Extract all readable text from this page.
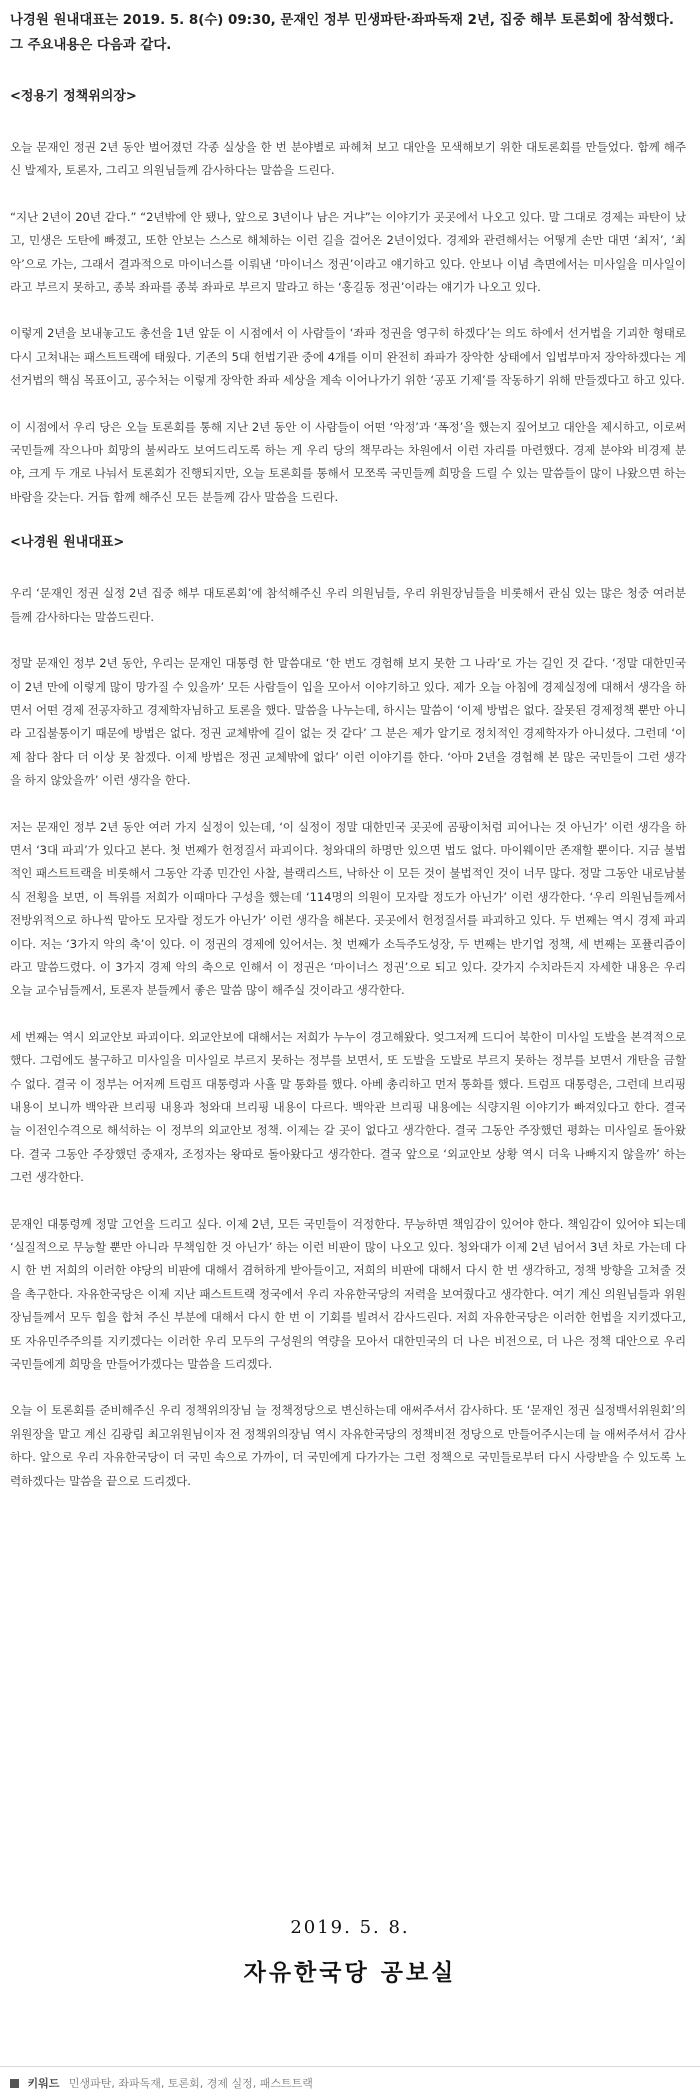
나경원 원내대표는 2019. 5. 8(수) 09:30, 문재인 정부 민생파탄·좌파독재 2년, 집중 해부 토론회에 참석했다. 그 주요내용은 다음과 같다.

<정용기 정책위의장>

오늘 문재인 정권 2년 동안 벌어졌던 각종 실상을 한 번 분야별로 파헤쳐 보고 대안을 모색해보기 위한 대토론회를 만들었다. 함께 해주신 발제자, 토론자, 그리고 의원님들께 감사하다는 말씀을 드린다.

“지난 2년이 20년 같다.” “2년밖에 안 됐나, 앞으로 3년이나 남은 거냐”는 이야기가 곳곳에서 나오고 있다. 말 그대로 경제는 파탄이 났고, 민생은 도탄에 빠졌고, 또한 안보는 스스로 해체하는 이런 길을 걸어온 2년이었다. 경제와 관련해서는 어떻게 손만 대면 ‘최저’, ‘최악’으로 가는, 그래서 결과적으로 마이너스를 이뤄낸 ‘마이너스 정권’이라고 얘기하고 있다. 안보나 이념 측면에서는 미사일을 미사일이라고 부르지 못하고, 종북 좌파를 종북 좌파로 부르지 말라고 하는 ‘홍길동 정권’이라는 얘기가 나오고 있다.

이렇게 2년을 보내놓고도 총선을 1년 앞둔 이 시점에서 이 사람들이 ‘좌파 정권을 영구히 하겠다’는 의도 하에서 선거법을 기괴한 형태로 다시 고쳐내는 패스트트랙에 태웠다. 기존의 5대 헌법기관 중에 4개를 이미 완전히 좌파가 장악한 상태에서 입법부마저 장악하겠다는 게 선거법의 핵심 목표이고, 공수처는 이렇게 장악한 좌파 세상을 계속 이어나가기 위한 ‘공포 기제’를 작동하기 위해 만들겠다고 하고 있다.

이 시점에서 우리 당은 오늘 토론회를 통해 지난 2년 동안 이 사람들이 어떤 ‘악정’과 ‘폭정’을 했는지 짚어보고 대안을 제시하고, 이로써 국민들께 작으나마 희망의 불씨라도 보여드리도록 하는 게 우리 당의 책무라는 차원에서 이런 자리를 마련했다. 경제 분야와 비경제 분야, 크게 두 개로 나눠서 토론회가 진행되지만, 오늘 토론회를 통해서 모쪼록 국민들께 희망을 드릴 수 있는 말씀들이 많이 나왔으면 하는 바람을 갖는다. 거듭 함께 해주신 모든 분들께 감사 말씀을 드린다.

<나경원 원내대표>

우리 ‘문재인 정권 실정 2년 집중 해부 대토론회’에 참석해주신 우리 의원님들, 우리 위원장님들을 비롯해서 관심 있는 많은 청중 여러분들께 감사하다는 말씀드린다.

정말 문재인 정부 2년 동안, 우리는 문재인 대통령 한 말씀대로 ‘한 번도 경험해 보지 못한 그 나라’로 가는 길인 것 같다. ‘정말 대한민국이 2년 만에 이렇게 많이 망가질 수 있을까’ 모든 사람들이 입을 모아서 이야기하고 있다. 제가 오늘 아침에 경제실정에 대해서 생각을 하면서 어떤 경제 전공자하고 경제학자님하고 토론을 했다. 말씀을 나누는데, 하시는 말씀이 ‘이제 방법은 없다. 잘못된 경제정책 뿐만 아니라 고집불통이기 때문에 방법은 없다. 정권 교체밖에 길이 없는 것 같다’ 그 분은 제가 알기로 정치적인 경제학자가 아니셨다. 그런데 ‘이제 참다 참다 더 이상 못 참겠다. 이제 방법은 정권 교체밖에 없다’ 이런 이야기를 한다. ‘아마 2년을 경험해 본 많은 국민들이 그런 생각을 하지 않았을까’ 이런 생각을 한다.

저는 문재인 정부 2년 동안 여러 가지 실정이 있는데, ‘이 실정이 정말 대한민국 곳곳에 곰팡이처럼 피어나는 것 아닌가’ 이런 생각을 하면서 ‘3대 파괴’가 있다고 본다. 첫 번째가 헌정질서 파괴이다. 청와대의 하명만 있으면 법도 없다. 마이웨이만 존재할 뿐이다. 지금 불법적인 패스트트랙을 비롯해서 그동안 각종 민간인 사찰, 블랙리스트, 낙하산 이 모든 것이 불법적인 것이 너무 많다. 정말 그동안 내로남불식 전횡을 보면, 이 특위를 저희가 이때마다 구성을 했는데 ‘114명의 의원이 모자랄 정도가 아닌가’ 이런 생각한다. ‘우리 의원님들께서 전방위적으로 하나씩 맡아도 모자랄 정도가 아닌가’ 이런 생각을 해본다. 곳곳에서 헌정질서를 파괴하고 있다. 두 번째는 역시 경제 파괴이다. 저는 ‘3가지 악의 축’이 있다. 이 정권의 경제에 있어서는. 첫 번째가 소득주도성장, 두 번째는 반기업 정책, 세 번째는 포퓰리즘이라고 말씀드렸다. 이 3가지 경제 악의 축으로 인해서 이 정권은 ‘마이너스 정권’으로 되고 있다. 갖가지 수치라든지 자세한 내용은 우리 오늘 교수님들께서, 토론자 분들께서 좋은 말씀 많이 해주실 것이라고 생각한다.

세 번째는 역시 외교안보 파괴이다. 외교안보에 대해서는 저희가 누누이 경고해왔다. 엊그저께 드디어 북한이 미사일 도발을 본격적으로 했다. 그럼에도 불구하고 미사일을 미사일로 부르지 못하는 정부를 보면서, 또 도발을 도발로 부르지 못하는 정부를 보면서 개탄을 금할 수 없다. 결국 이 정부는 어저께 트럼프 대통령과 사흘 말 통화를 했다. 아베 총리하고 먼저 통화를 했다. 트럼프 대통령은, 그런데 브리핑 내용이 보니까 백악관 브리핑 내용과 청와대 브리핑 내용이 다르다. 백악관 브리핑 내용에는 식량지원 이야기가 빠져있다고 한다. 결국 늘 이전인수격으로 해석하는 이 정부의 외교안보 정책. 이제는 갈 곳이 없다고 생각한다. 결국 그동안 주장했던 평화는 미사일로 돌아왔다. 결국 그동안 주장했던 중재자, 조정자는 왕따로 돌아왔다고 생각한다. 결국 앞으로 ‘외교안보 상황 역시 더욱 나빠지지 않을까’ 하는 그런 생각한다.

문재인 대통령께 정말 고언을 드리고 싶다. 이제 2년, 모든 국민들이 걱정한다. 무능하면 책임감이 있어야 한다. 책임감이 있어야 되는데 ‘실질적으로 무능할 뿐만 아니라 무책임한 것 아닌가’ 하는 이런 비판이 많이 나오고 있다. 청와대가 이제 2년 넘어서 3년 차로 가는데 다시 한 번 저희의 이러한 야당의 비판에 대해서 겸허하게 받아들이고, 저희의 비판에 대해서 다시 한 번 생각하고, 정책 방향을 고쳐줄 것을 촉구한다. 자유한국당은 이제 지난 패스트트랙 정국에서 우리 자유한국당의 저력을 보여줬다고 생각한다. 여기 계신 의원님들과 위원장님들께서 모두 힘을 합쳐 주신 부분에 대해서 다시 한 번 이 기회를 빌려서 감사드린다. 저희 자유한국당은 이러한 헌법을 지키겠다고, 또 자유민주주의를 지키겠다는 이러한 우리 모두의 구성원의 역량을 모아서 대한민국의 더 나은 비전으로, 더 나은 정책 대안으로 우리 국민들에게 희망을 만들어가겠다는 말씀을 드리겠다.

오늘 이 토론회를 준비해주신 우리 정책위의장님 늘 정책정당으로 변신하는데 애써주셔서 감사하다. 또 ‘문재인 정권 실정백서위원회’의 위원장을 맡고 계신 김광림 최고위원님이자 전 정책위의장님 역시 자유한국당의 정책비전 정당으로 만들어주시는데 늘 애써주셔서 감사하다. 앞으로 우리 자유한국당이 더 국민 속으로 가까이, 더 국민에게 다가가는 그런 정책으로 국민들로부터 다시 사랑받을 수 있도록 노력하겠다는 말씀을 끝으로 드리겠다.

2019. 5. 8.
자유한국당 공보실
키워드 민생파탄, 좌파독재, 토론회, 경제 실정, 패스트트랙
